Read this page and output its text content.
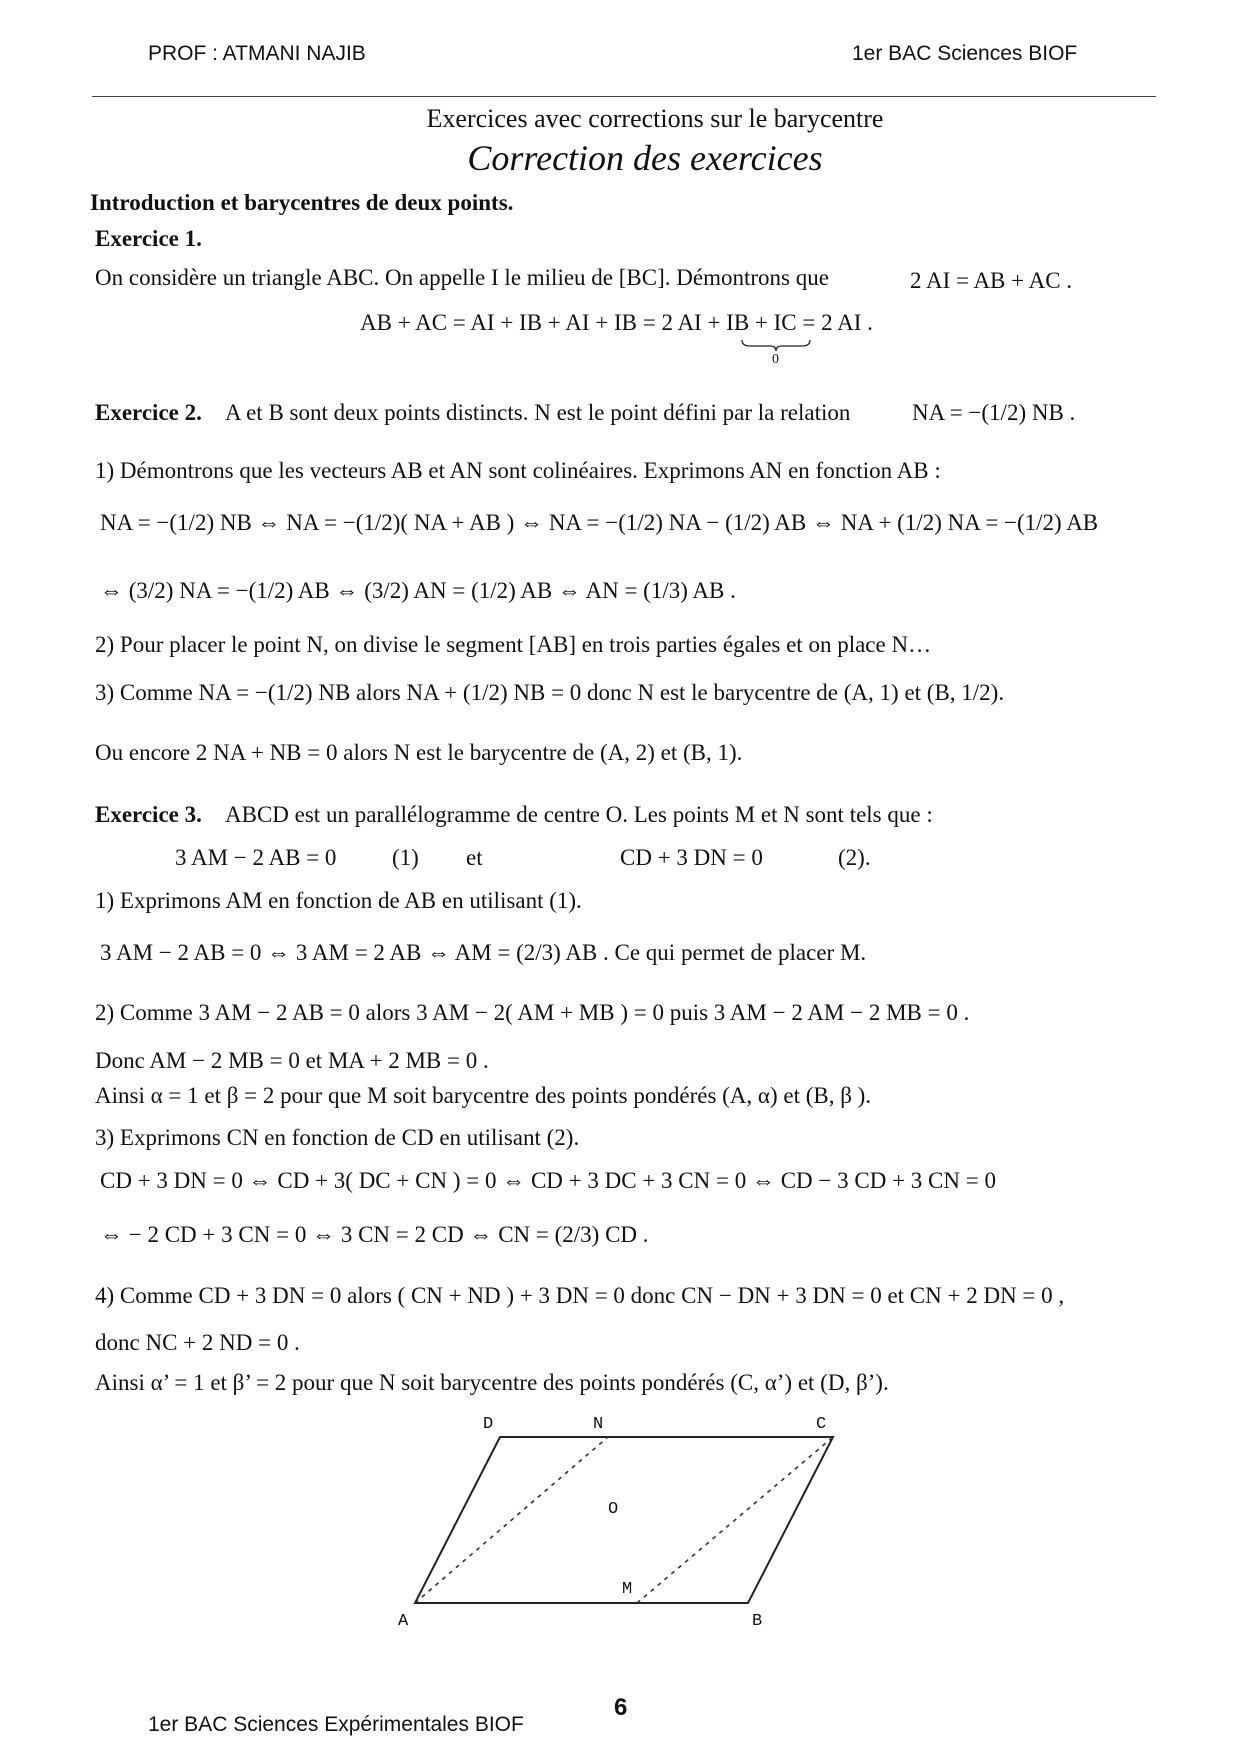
PROF : ATMANI NAJIB	1er BAC Sciences BIOF
Exercices avec corrections sur le barycentre
Correction des exercices
Introduction et barycentres de deux points.
Exercice 1.
On considère un triangle ABC. On appelle I le milieu de [BC]. Démontrons que	2 AI = AB + AC .
AB + AC = AI + IB + AI + IB = 2 AI + IB + IC = 2 AI .
0
Exercice 2. A et B sont deux points distincts. N est le point défini par la relation	NA = −(1/2) NB .
1) Démontrons que les vecteurs AB et AN sont colinéaires. Exprimons AN en fonction AB :
NA = −(1/2) NB ⇔ NA = −(1/2)( NA + AB ) ⇔ NA = −(1/2) NA − (1/2) AB ⇔ NA + (1/2) NA = −(1/2) AB
⇔ (3/2) NA = −(1/2) AB ⇔ (3/2) AN = (1/2) AB ⇔ AN = (1/3) AB .
2) Pour placer le point N, on divise le segment [AB] en trois parties égales et on place N…
3) Comme NA = −(1/2) NB alors NA + (1/2) NB = 0 donc N est le barycentre de (A, 1) et (B, 1/2).
Ou encore 2 NA + NB = 0 alors N est le barycentre de (A, 2) et (B, 1).
Exercice 3. ABCD est un parallélogramme de centre O. Les points M et N sont tels que :
3 AM − 2 AB = 0 (1) et	CD + 3 DN = 0	(2).
1) Exprimons AM en fonction de AB en utilisant (1).
3 AM − 2 AB = 0 ⇔ 3 AM = 2 AB ⇔ AM = (2/3) AB . Ce qui permet de placer M.
2) Comme 3 AM − 2 AB = 0 alors 3 AM − 2( AM + MB ) = 0 puis 3 AM − 2 AM − 2 MB = 0 .
Donc AM − 2 MB = 0 et MA + 2 MB = 0 .
Ainsi α = 1 et β = 2 pour que M soit barycentre des points pondérés (A, α) et (B, β ).
3) Exprimons CN en fonction de CD en utilisant (2).
CD + 3 DN = 0 ⇔ CD + 3( DC + CN ) = 0 ⇔ CD + 3 DC + 3 CN = 0 ⇔ CD − 3 CD + 3 CN = 0
⇔ − 2 CD + 3 CN = 0 ⇔ 3 CN = 2 CD ⇔ CN = (2/3) CD .
4) Comme CD + 3 DN = 0 alors ( CN + ND ) + 3 DN = 0 donc CN − DN + 3 DN = 0 et CN + 2 DN = 0 ,
donc NC + 2 ND = 0 .
Ainsi α’ = 1 et β’ = 2 pour que N soit barycentre des points pondérés (C, α’) et (D, β’).
A	B
C
D
M
N
O
1er BAC Sciences Expérimentales BIOF
6
